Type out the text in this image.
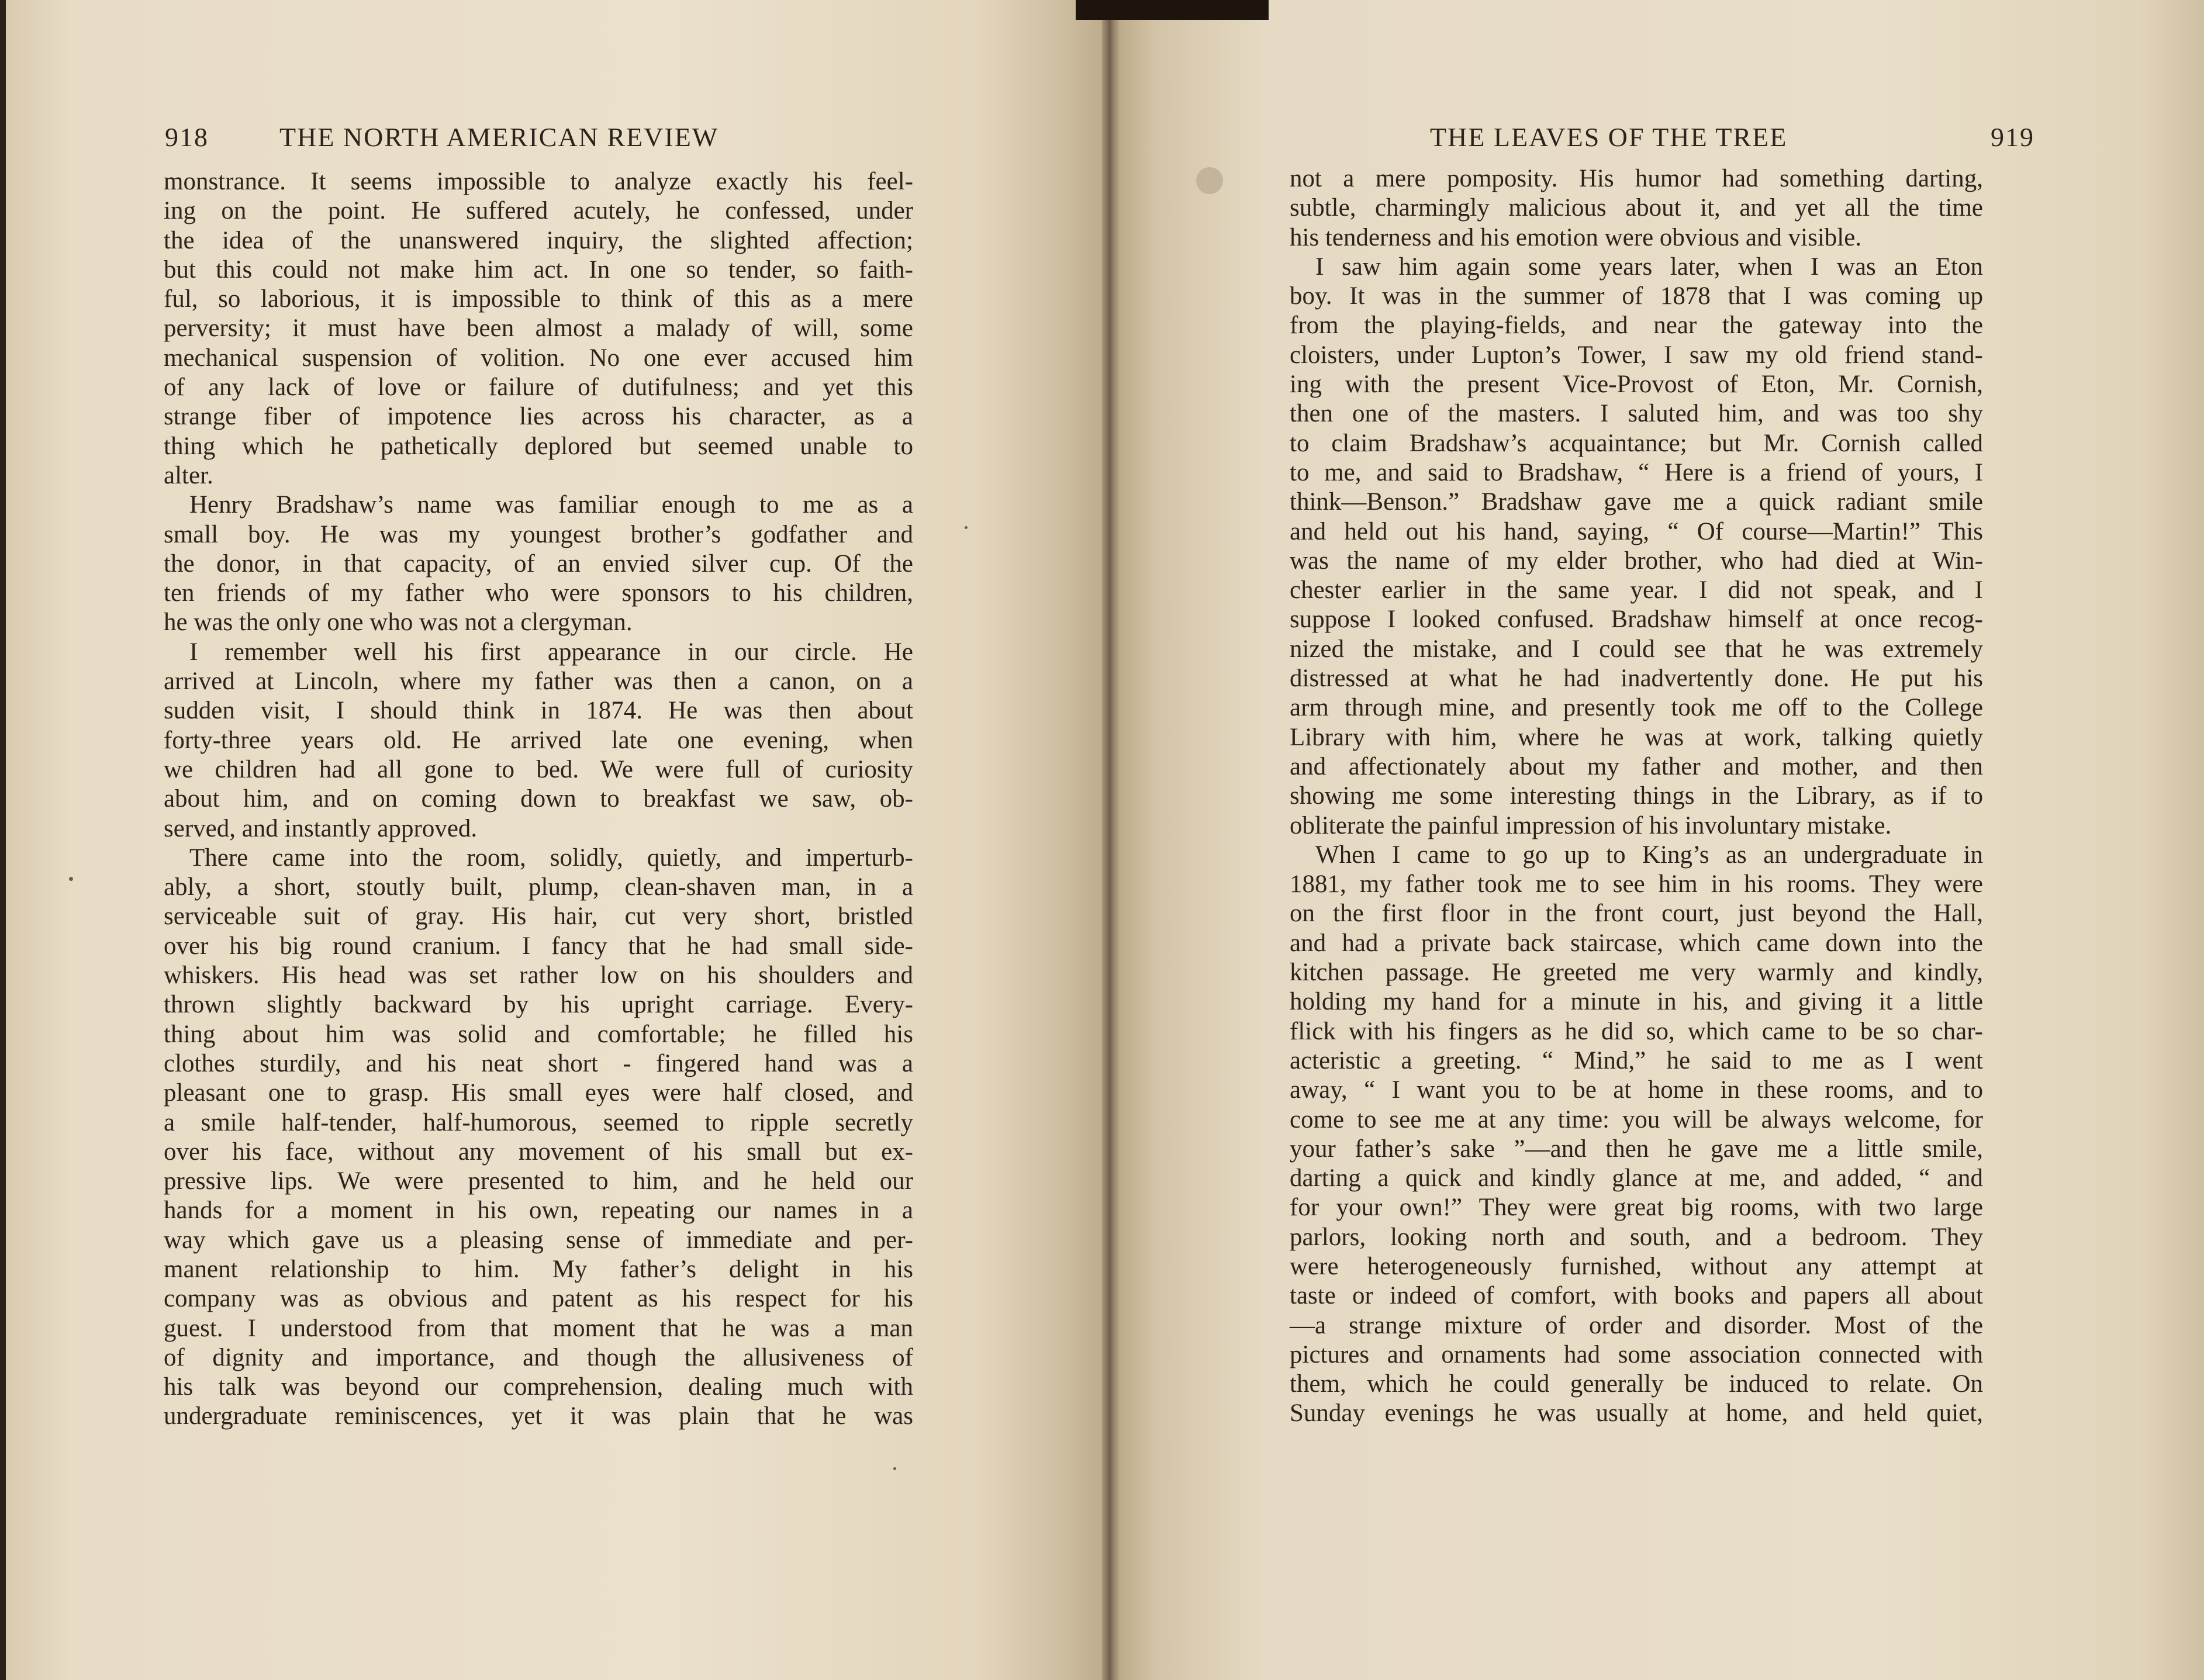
918	THE NORTH AMERICAN REVIEW
monstrance. It seems impossible to analyze exactly his feel-
ing on the point. He suffered acutely, he confessed, under
the idea of the unanswered inquiry, the slighted affection;
but this could not make him act. In one so tender, so faith-
ful, so laborious, it is impossible to think of this as a mere
perversity; it must have been almost a malady of will, some
mechanical suspension of volition. No one ever accused him
of any lack of love or failure of dutifulness; and yet this
strange fiber of impotence lies across his character, as a
thing which he pathetically deplored but seemed unable to
alter.
Henry Bradshaw’s name was familiar enough to me as a
small boy. He was my youngest brother’s godfather and
the donor, in that capacity, of an envied silver cup. Of the
ten friends of my father who were sponsors to his children,
he was the only one who was not a clergyman.
I remember well his first appearance in our circle. He
arrived at Lincoln, where my father was then a canon, on a
sudden visit, I should think in 1874. He was then about
forty-three years old. He arrived late one evening, when
we children had all gone to bed. We were full of curiosity
about him, and on coming down to breakfast we saw, ob-
served, and instantly approved.
There came into the room, solidly, quietly, and imperturb-
ably, a short, stoutly built, plump, clean-shaven man, in a
serviceable suit of gray. His hair, cut very short, bristled
over his big round cranium. I fancy that he had small side-
whiskers. His head was set rather low on his shoulders and
thrown slightly backward by his upright carriage. Every-
thing about him was solid and comfortable; he filled his
clothes sturdily, and his neat short - fingered hand was a
pleasant one to grasp. His small eyes were half closed, and
a smile half-tender, half-humorous, seemed to ripple secretly
over his face, without any movement of his small but ex-
pressive lips. We were presented to him, and he held our
hands for a moment in his own, repeating our names in a
way which gave us a pleasing sense of immediate and per-
manent relationship to him. My father’s delight in his
company was as obvious and patent as his respect for his
guest. I understood from that moment that he was a man
of dignity and importance, and though the allusiveness of
his talk was beyond our comprehension, dealing much with
undergraduate reminiscences, yet it was plain that he was
THE LEAVES OF THE TREE	919
not a mere pomposity. His humor had something darting,
subtle, charmingly malicious about it, and yet all the time
his tenderness and his emotion were obvious and visible.
I saw him again some years later, when I was an Eton
boy. It was in the summer of 1878 that I was coming up
from the playing-fields, and near the gateway into the
cloisters, under Lupton’s Tower, I saw my old friend stand-
ing with the present Vice-Provost of Eton, Mr. Cornish,
then one of the masters. I saluted him, and was too shy
to claim Bradshaw’s acquaintance; but Mr. Cornish called
to me, and said to Bradshaw, “ Here is a friend of yours, I
think—Benson.” Bradshaw gave me a quick radiant smile
and held out his hand, saying, “ Of course—Martin!” This
was the name of my elder brother, who had died at Win-
chester earlier in the same year. I did not speak, and I
suppose I looked confused. Bradshaw himself at once recog-
nized the mistake, and I could see that he was extremely
distressed at what he had inadvertently done. He put his
arm through mine, and presently took me off to the College
Library with him, where he was at work, talking quietly
and affectionately about my father and mother, and then
showing me some interesting things in the Library, as if to
obliterate the painful impression of his involuntary mistake.
When I came to go up to King’s as an undergraduate in
1881, my father took me to see him in his rooms. They were
on the first floor in the front court, just beyond the Hall,
and had a private back staircase, which came down into the
kitchen passage. He greeted me very warmly and kindly,
holding my hand for a minute in his, and giving it a little
flick with his fingers as he did so, which came to be so char-
acteristic a greeting. “ Mind,” he said to me as I went
away, “ I want you to be at home in these rooms, and to
come to see me at any time: you will be always welcome, for
your father’s sake ”—and then he gave me a little smile,
darting a quick and kindly glance at me, and added, “ and
for your own!” They were great big rooms, with two large
parlors, looking north and south, and a bedroom. They
were heterogeneously furnished, without any attempt at
taste or indeed of comfort, with books and papers all about
—a strange mixture of order and disorder. Most of the
pictures and ornaments had some association connected with
them, which he could generally be induced to relate. On
Sunday evenings he was usually at home, and held quiet,
